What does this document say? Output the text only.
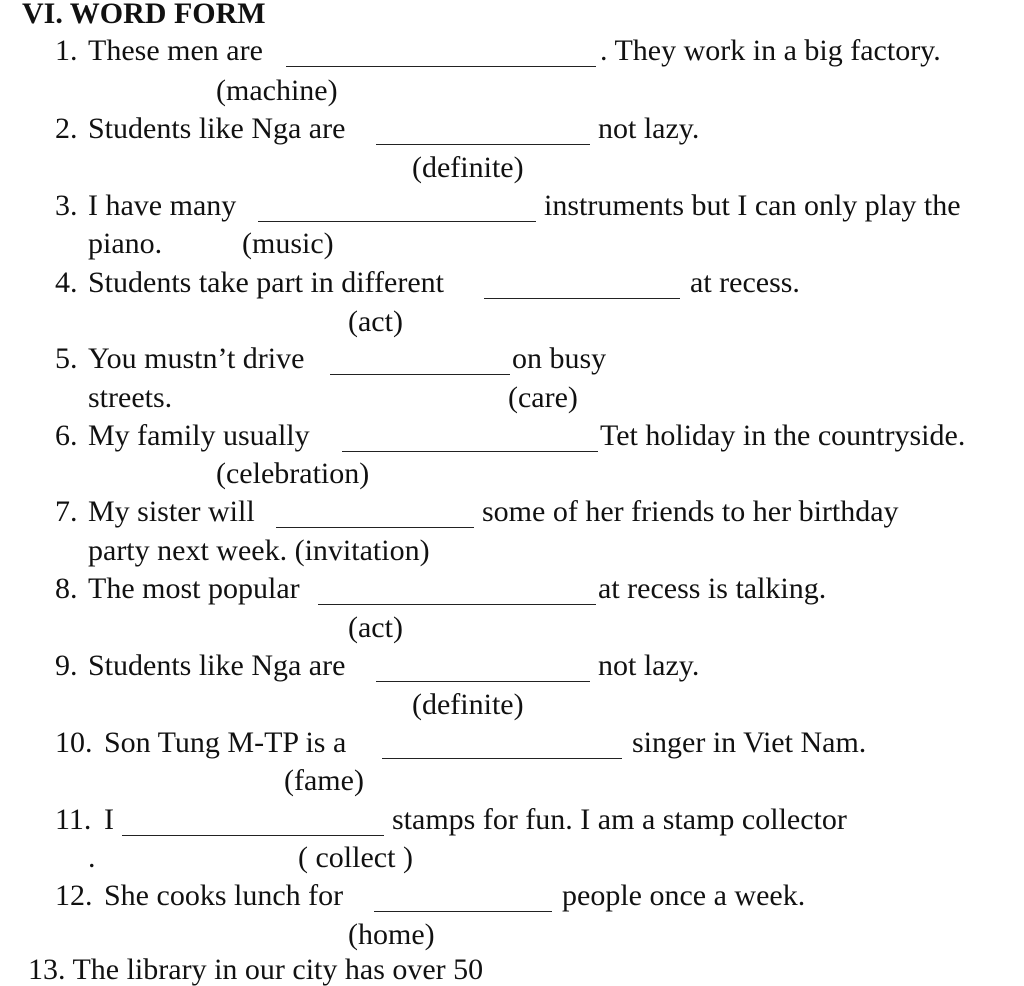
VI. WORD FORM
1. These men are	. They work in a big factory.
(machine)
2. Students like Nga are	not lazy.
(definite)
3. I have many	instruments but I can only play the
piano.	(music)
4. Students take part in different	at recess.
(act)
5. You mustn’t drive	on busy
streets.	(care)
6. My family usually	Tet holiday in the countryside.
(celebration)
7. My sister will	some of her friends to her birthday
party next week. (invitation)
8. The most popular	at recess is talking.
(act)
9. Students like Nga are	not lazy.
(definite)
10. Son Tung M-TP is a	singer in Viet Nam.
(fame)
11. I	stamps for fun. I am a stamp collector
.	( collect )
12. She cooks lunch for	people once a week.
(home)
13. The library in our city has over 50
